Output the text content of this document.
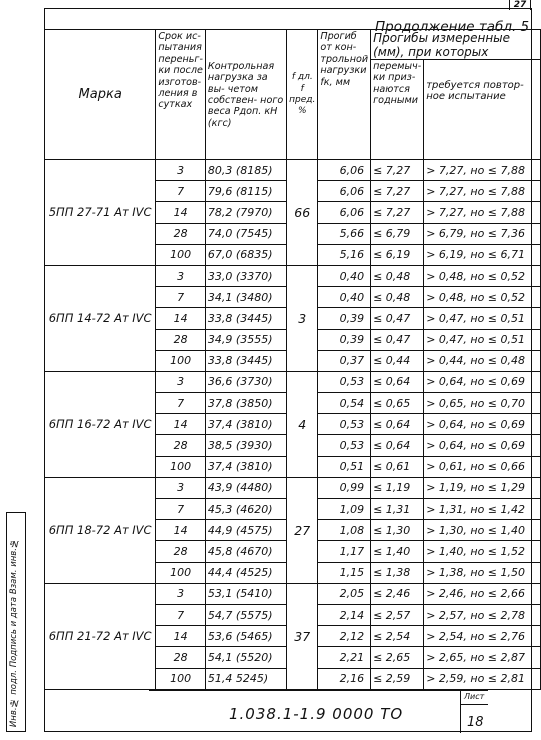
27
Продолжение табл. 5
Марка	Срок ис- пытания переньг- ки после изготов- ления в сутках	Контрольная нагрузка за вы- четом собствен- ного веса Рдоп. кН (кгс)	f дл. f пред. %	Прогиб от кон- трольной нагрузки fк, мм	Прогибы измеренные (мм), при которых	
					перемыч- ки приз- наются годными	требуется повтор- ное испытание
5ПП 27-71 Ат IVС	3	80,3 (8185)	66	6,06	≤ 7,27	> 7,27, но ≤ 7,88
	7	79,6 (8115)		6,06	≤ 7,27	> 7,27, но ≤ 7,88
	14	78,2 (7970)		6,06	≤ 7,27	> 7,27, но ≤ 7,88
	28	74,0 (7545)		5,66	≤ 6,79	> 6,79, но ≤ 7,36
	100	67,0 (6835)		5,16	≤ 6,19	> 6,19, но ≤ 6,71
6ПП 14-72 Ат IVС	3	33,0 (3370)	3	0,40	≤ 0,48	> 0,48, но ≤ 0,52
	7	34,1 (3480)		0,40	≤ 0,48	> 0,48, но ≤ 0,52
	14	33,8 (3445)		0,39	≤ 0,47	> 0,47, но ≤ 0,51
	28	34,9 (3555)		0,39	≤ 0,47	> 0,47, но ≤ 0,51
	100	33,8 (3445)		0,37	≤ 0,44	> 0,44, но ≤ 0,48
6ПП 16-72 Ат IVС	3	36,6 (3730)	4	0,53	≤ 0,64	> 0,64, но ≤ 0,69
	7	37,8 (3850)		0,54	≤ 0,65	> 0,65, но ≤ 0,70
	14	37,4 (3810)		0,53	≤ 0,64	> 0,64, но ≤ 0,69
	28	38,5 (3930)		0,53	≤ 0,64	> 0,64, но ≤ 0,69
	100	37,4 (3810)		0,51	≤ 0,61	> 0,61, но ≤ 0,66
6ПП 18-72 Ат IVС	3	43,9 (4480)	27	0,99	≤ 1,19	> 1,19, но ≤ 1,29
	7	45,3 (4620)		1,09	≤ 1,31	> 1,31, но ≤ 1,42
	14	44,9 (4575)		1,08	≤ 1,30	> 1,30, но ≤ 1,40
	28	45,8 (4670)		1,17	≤ 1,40	> 1,40, но ≤ 1,52
	100	44,4 (4525)		1,15	≤ 1,38	> 1,38, но ≤ 1,50
6ПП 21-72 Ат IVС	3	53,1 (5410)	37	2,05	≤ 2,46	> 2,46, но ≤ 2,66
	7	54,7 (5575)		2,14	≤ 2,57	> 2,57, но ≤ 2,78
	14	53,6 (5465)		2,12	≤ 2,54	> 2,54, но ≤ 2,76
	28	54,1 (5520)		2,21	≤ 2,65	> 2,65, но ≤ 2,87
	100	51,4 5245)		2,16	≤ 2,59	> 2,59, но ≤ 2,81
1.038.1-1.9 0000 ТО
Лист
18
Инв.№ подл. Подпись и дата Взам. инв.№
